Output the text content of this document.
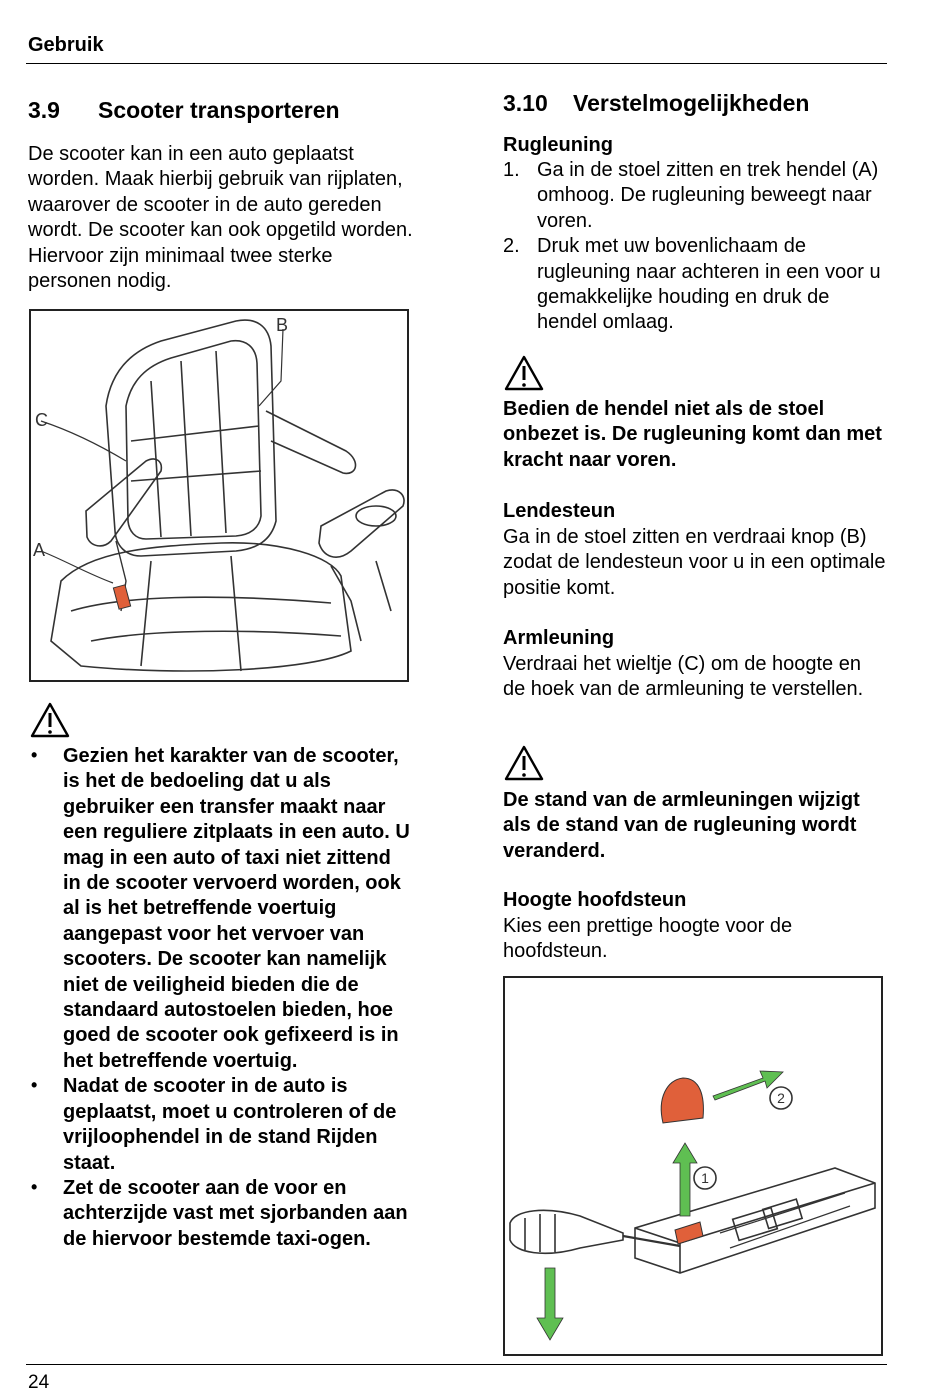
Gebruik
3.9 Scooter transporteren

De scooter kan in een auto geplaatst worden. Maak hierbij gebruik van rijplaten, waarover de scooter in de auto gereden wordt. De scooter kan ook opgetild worden. Hiervoor zijn minimaal twee sterke personen nodig.

C
A
B
• Gezien het karakter van de scooter, is het de bedoeling dat u als gebruiker een transfer maakt naar een reguliere zitplaats in een auto. U mag in een auto of taxi niet zittend in de scooter vervoerd worden, ook al is het betreffende voertuig aangepast voor het vervoer van scooters. De scooter kan namelijk niet de veiligheid bieden die de standaard autostoelen bieden, hoe goed de scooter ook gefixeerd is in het betreffende voertuig.
• Nadat de scooter in de auto is geplaatst, moet u controleren of de vrijloophendel in de stand Rijden staat.
• Zet de scooter aan de voor en achterzijde vast met sjorbanden aan de hiervoor bestemde taxi-ogen.
3.10 Verstelmogelijkheden
Rugleuning
1. Ga in de stoel zitten en trek hendel (A) omhoog. De rugleuning beweegt naar voren.
2. Druk met uw bovenlichaam de rugleuning naar achteren in een voor u gemakkelijke houding en druk de hendel omlaag.

Bedien de hendel niet als de stoel onbezet is. De rugleuning komt dan met kracht naar voren.

Lendesteun

Ga in de stoel zitten en verdraai knop (B) zodat de lendesteun voor u in een optimale positie komt.

Armleuning

Verdraai het wieltje (C) om de hoogte en de hoek van de armleuning te verstellen.

De stand van de armleuningen wijzigt als de stand van de rugleuning wordt veranderd.

Hoogte hoofdsteun

Kies een prettige hoogte voor de hoofdsteun.

1
2
24
